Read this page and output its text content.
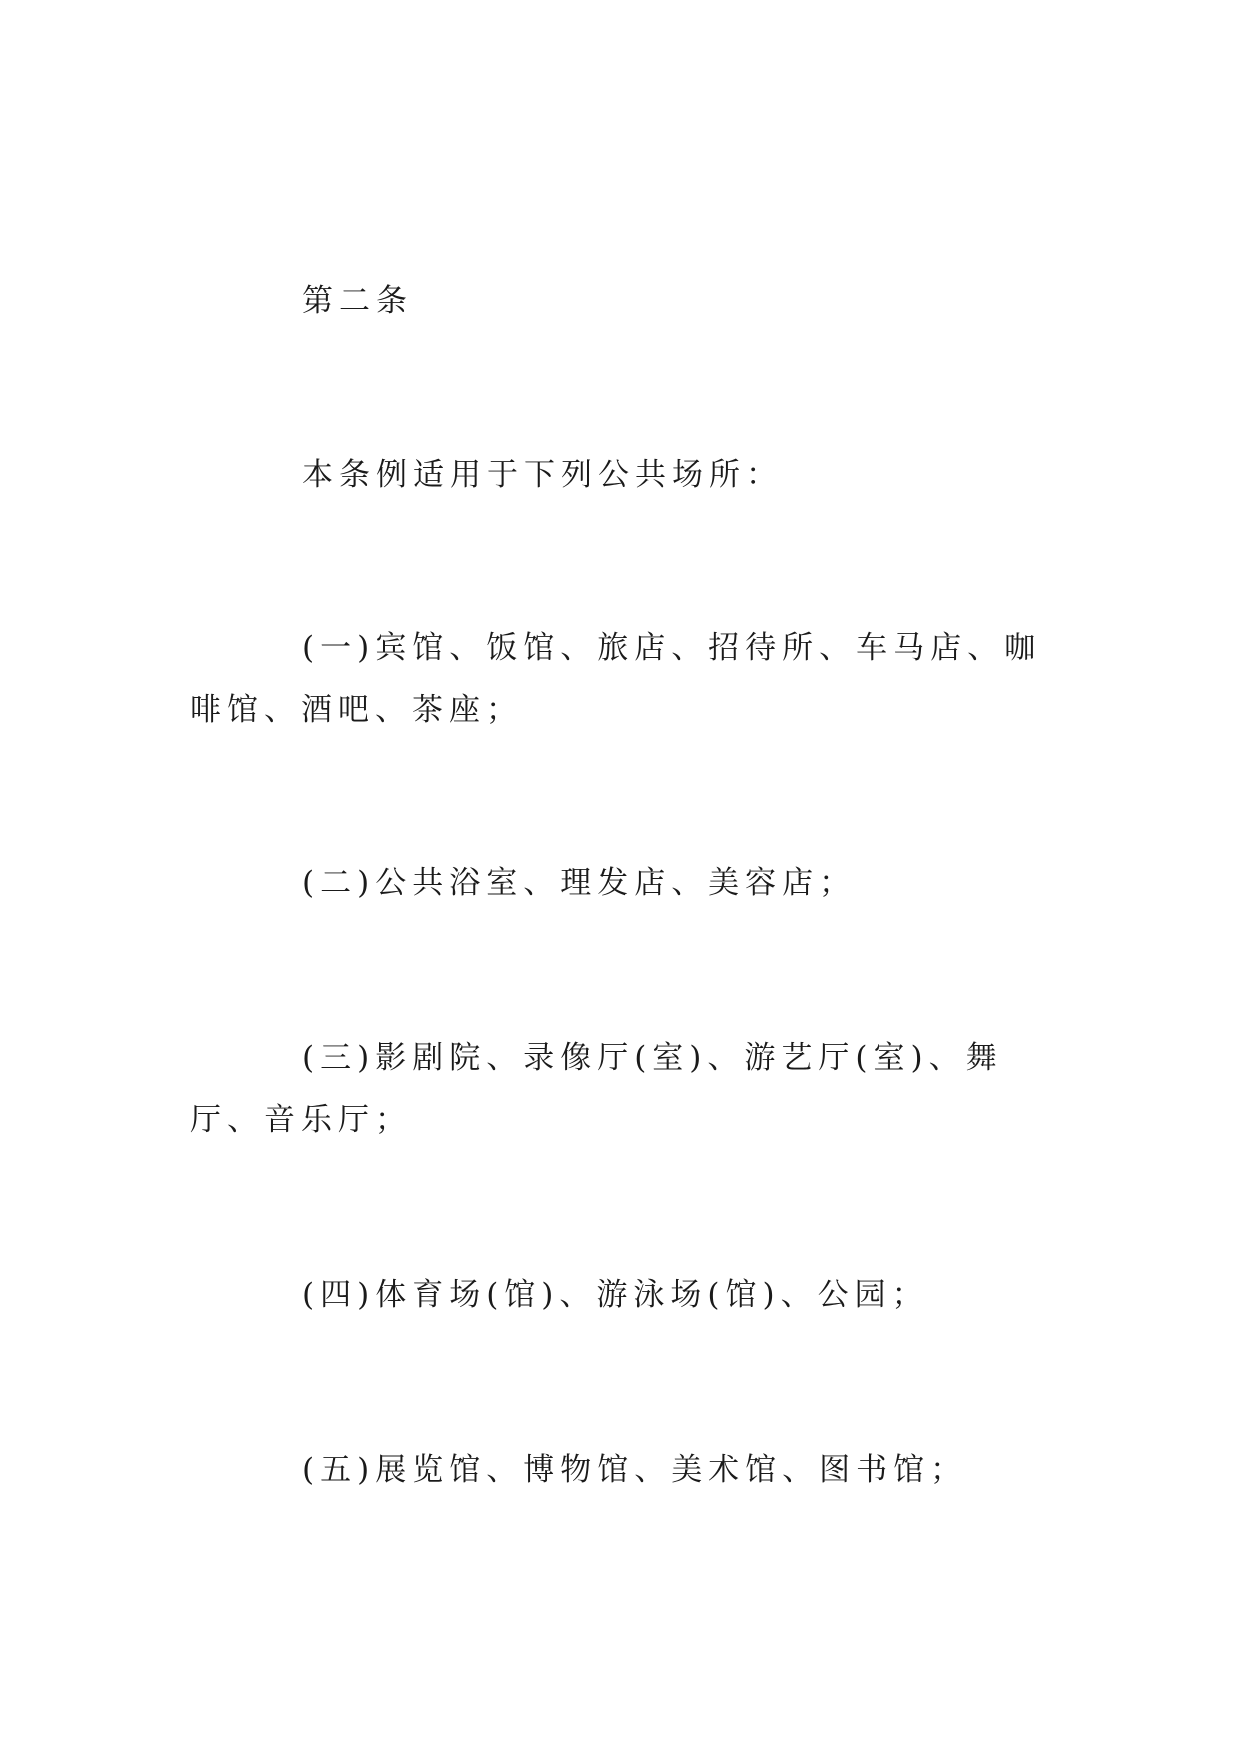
第二条

本条例适用于下列公共场所：

(一)宾馆、饭馆、旅店、招待所、车马店、咖啡馆、酒吧、茶座；

(二)公共浴室、理发店、美容店；

(三)影剧院、录像厅(室)、游艺厅(室)、舞厅、音乐厅；

(四)体育场(馆)、游泳场(馆)、公园；

(五)展览馆、博物馆、美术馆、图书馆；
